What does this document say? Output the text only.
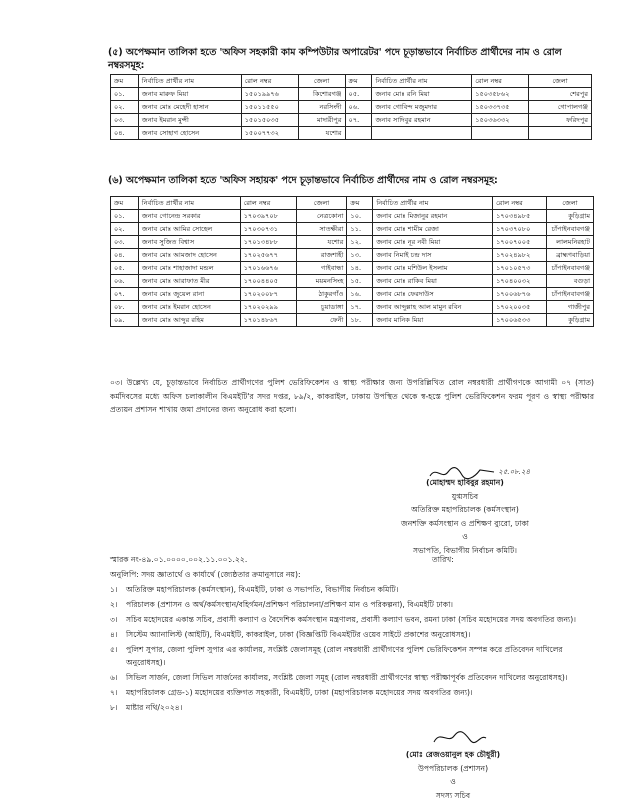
(৫) অপেক্ষমান তালিকা হতে 'অফিস সহকারী কাম কম্পিউটার অপারেটর' পদে চূড়ান্তভাবে নির্বাচিত প্রার্থীদের নাম ও রোল নম্বরসমূহ:
ক্রম	নির্বাচিত প্রার্থীর নাম	রোল নম্বর	জেলা	ক্রম	নির্বাচিত প্রার্থীর নাম	রোল নম্বর	জেলা
০১.	জনাব মারুফ মিয়া	১৫০১৯৯৭৬	কিশোরগঞ্জ	০৫.	জনাব মোঃ রনি মিয়া	১৫০৩৫৮৬২	শেরপুর
০২.	জনাব মোঃ মেহেদী হাসান	১৫০১১৫৫০	নরসিংদী	০৬.	জনাব গোবিন্দ মজুমদার	১৫০৩৩৭৩৫	গোপালগঞ্জ
০৩.	জনাব ইমরান মুন্সী	১৫০১৫০৩৫	মাদারীপুর	০৭.	জনাব সাদিবুর রহমান	১৫০৩৬৩৩২	ফরিদপুর
০৪.	জনাব সোহাগ হোসেন	১৫০০৭৭৩২	যশোর				
(৬) অপেক্ষমান তালিকা হতে 'অফিস সহায়ক' পদে চূড়ান্তভাবে নির্বাচিত প্রার্থীদের নাম ও রোল নম্বরসমূহ:
ক্রম	নির্বাচিত প্রার্থীর নাম	রোল নম্বর	জেলা	ক্রম	নির্বাচিত প্রার্থীর নাম	রোল নম্বর	জেলা
০১.	জনাব গোনেন্দ্র সরকার	১৭০৩৯৭০৮	নেত্রকোনা	১০.	জনাব মোঃ মিজানুর রহমান	১৭০৩৪৯৮৫	কুড়িগ্রাম
০২.	জনাব মোঃ আমির সোহেল	১৭০৩০৭৩১	সাতক্ষীরা	১১.	জনাব মোঃ শামীম রেজা	১৭০৩৭০৮০	চাঁপাইনবাবগঞ্জ
০৩.	জনাব সুজিত বিশ্বাস	১৭০১৩৪৮৮	যশোর	১২.	জনাব মোঃ নূর নবী মিয়া	১৭০০৭০০৫	লালমনিরহাট
০৪.	জনাব মোঃ আমজাদ হোসেন	১৭০২৫৬৭৭	রাজশাহী	১৩.	জনাব নিমাই চন্দ্র দাস	১৭০২৪৯৮২	ব্রাহ্মণবাড়িয়া
০৫.	জনাব মোঃ শাহাজাদা মন্ডল	১৭০১৬৬৭৬	গাইবান্ধা	১৪.	জনাব মোঃ মশিউল ইসলাম	১৭০১০৫৭৩	চাঁপাইনবাবগঞ্জ
০৬.	জনাব মোঃ আরাফাত মীর	১৭০০৪৪০৫	ময়মনসিংহ	১৫.	জনাব মোঃ রাকিব মিয়া	১৭০৪০০৩২	বগুড়া
০৭.	জনাব মোঃ জুয়েল রানা	১৭০২০০৮৭	ঠাকুরগাঁও	১৬.	জনাব মোঃ ফেরদাউস	১৭০০৬৮৭৬	চাঁপাইনবাবগঞ্জ
০৮.	জনাব মোঃ ইমরান হোসেন	১৭০২০২৯৯	চুয়াডাঙ্গা	১৭.	জনাব আব্দুল্লাহ আল মামুন রবিন	১৭০২০০৩৫	গাজীপুর
০৯.	জনাব মোঃ আব্দুর রহিম	১৭০১৪৮৬৭	ফেনী	১৮.	জনাব মানিক মিয়া	১৭০০৬৫৩৩	কুড়িগ্রাম
০৩। উল্লেখ্য যে, চূড়ান্তভাবে নির্বাচিত প্রার্থীগণের পুলিশ ভেরিফিকেশন ও স্বাস্থ্য পরীক্ষার জন্য উপরিল্লিখিত রোল নম্বরধারী প্রার্থীগণকে আগামী ০৭ (সাত) কর্মদিবসের মধ্যে অফিস চলাকালীন বিএমইটি'র সদর দপ্তর, ৮৯/২, কাকরাইল, ঢাকায় উপস্থিত থেকে স্ব-হস্তে পুলিশ ভেরিফিকেশন ফরম পূরণ ও স্বাস্থ্য পরীক্ষার প্রত্যয়ন প্রশাসন শাখায় জমা প্রদানের জন্য অনুরোধ করা হলো।
২৫.০৮.২৪
(মোহাম্মদ হাবিবুর রহমান)
যুগ্মসচিব
অতিরিক্ত মহাপরিচালক (কর্মসংস্থান)
জনশক্তি কর্মসংস্থান ও প্রশিক্ষণ ব্যুরো, ঢাকা
ও
সভাপতি, বিভাগীয় নির্বাচন কমিটি।
স্মারক নং-৪৯.০১.০০০০.০০২.১১.০০১.২২.	তারিখ:
অনুলিপি: সদয় জ্ঞাতার্থে ও কার্যার্থে (জ্যেষ্ঠতার ক্রমানুসারে নয়):
১।	অতিরিক্ত মহাপরিচালক (কর্মসংস্থান), বিএমইটি, ঢাকা ও সভাপতি, বিভাগীয় নির্বাচন কমিটি।
২।	পরিচালক (প্রশাসন ও অর্থ/কর্মসংস্থান/বহির্গমন/প্রশিক্ষণ পরিচালনা/প্রশিক্ষণ মান ও পরিকল্পনা), বিএমইটি ঢাকা।
৩।	সচিব মহোদয়ের একান্ত সচিব, প্রবাসী কল্যাণ ও বৈদেশিক কর্মসংস্থান মন্ত্রণালয়, প্রবাসী কল্যাণ ভবন, রমনা ঢাকা (সচিব মহোদয়ের সদয় অবগতির জন্য)।
৪।	সিস্টেম অ্যানালিস্ট (আইটি), বিএমইটি, কাকরাইল, ঢাকা (বিজ্ঞপ্তিটি বিএমইটির ওয়েব সাইটে প্রকাশের অনুরোধসহ)।
৫।	পুলিশ সুপার, জেলা পুলিশ সুপার এর কার্যালয়, সংশ্লিষ্ট জেলাসমূহ (রোল নম্বরধারী প্রার্থীগণের পুলিশ ভেরিফিকেশন সম্পন্ন করে প্রতিবেদন দাখিলের অনুরোধসহ)।
৬।	সিভিল সার্জন, জেলা সিভিল সার্জনের কার্যালয়, সংশ্লিষ্ট জেলা সমূহ (রোল নম্বরধারী প্রার্থীগণের স্বাস্থ্য পরীক্ষাপূর্বক প্রতিবেদন দাখিলের অনুরোধসহ)।
৭।	মহাপরিচালক গ্রেড-১) মহোদয়ের ব্যক্তিগত সহকারী, বিএমইটি, ঢাকা (মহাপরিচালক মহোদয়ের সদয় অবগতির জন্য)।
৮।	মাষ্টার নথি/২০২৪।
(মোঃ রেজওয়ানুল হক চৌধুরী)
উপপরিচালক (প্রশাসন)
ও
সদস্য সচিব
